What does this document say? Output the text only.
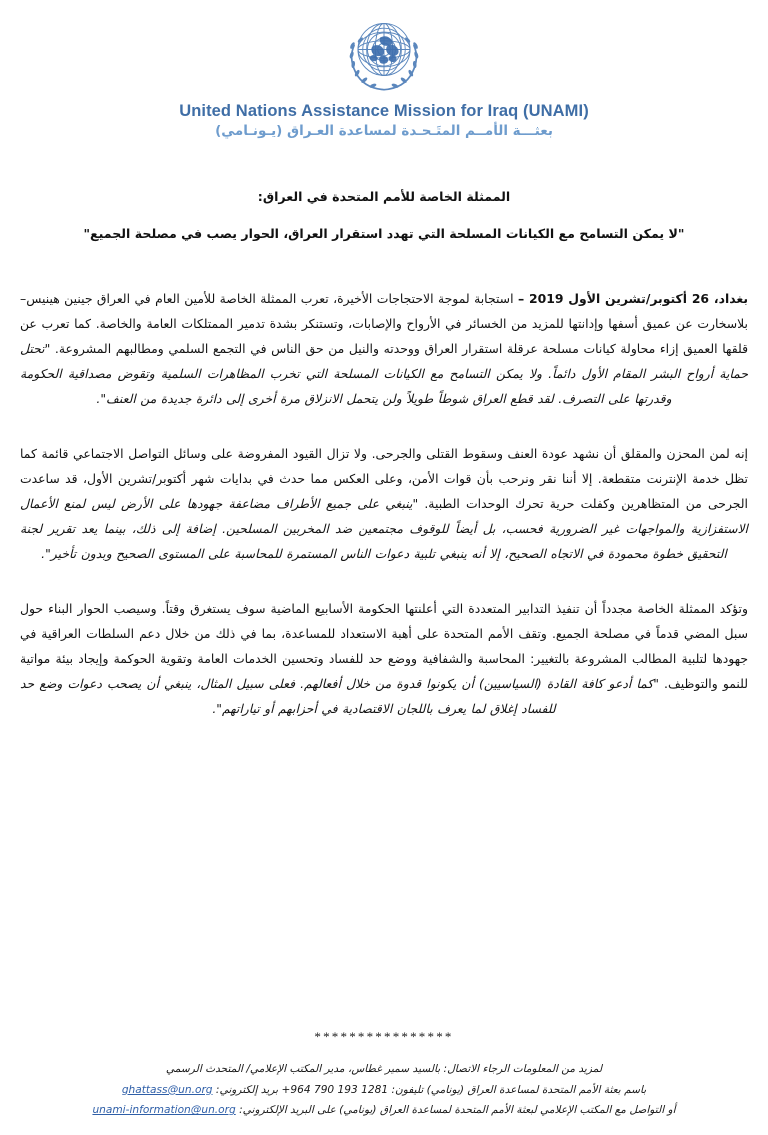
United Nations Assistance Mission for Iraq (UNAMI)
بعثـــة الأمــم المتَـحـدة لمساعدة العـراق (يـونـامي)
الممثلة الخاصة للأمم المتحدة في العراق:
"لا يمكن التسامح مع الكيانات المسلحة التي تهدد استقرار العراق، الحوار يصب في مصلحة الجميع"

بغداد، 26 أكتوبر/تشرين الأول 2019 – استجابة لموجة الاحتجاجات الأخيرة، تعرب الممثلة الخاصة للأمين العام في العراق جينين هينيس–بلاسخارت عن عميق أسفها وإدانتها للمزيد من الخسائر في الأرواح والإصابات، وتستنكر بشدة تدمير الممتلكات العامة والخاصة. كما تعرب عن قلقها العميق إزاء محاولة كيانات مسلحة عرقلة استقرار العراق ووحدته والنيل من حق الناس في التجمع السلمي ومطالبهم المشروعة. "تحتل حماية أرواح البشر المقام الأول دائماً. ولا يمكن التسامح مع الكيانات المسلحة التي تخرب المظاهرات السلمية وتقوض مصداقية الحكومة وقدرتها على التصرف. لقد قطع العراق شوطاً طويلاً ولن يتحمل الانزلاق مرة أخرى إلى دائرة جديدة من العنف".

إنه لمن المحزن والمقلق أن نشهد عودة العنف وسقوط القتلى والجرحى. ولا تزال القيود المفروضة على وسائل التواصل الاجتماعي قائمة كما تظل خدمة الإنترنت متقطعة. إلا أننا نقر ونرحب بأن قوات الأمن، وعلى العكس مما حدث في بدايات شهر أكتوبر/تشرين الأول، قد ساعدت الجرحى من المتظاهرين وكفلت حرية تحرك الوحدات الطبية. "ينبغي على جميع الأطراف مضاعفة جهودها على الأرض ليس لمنع الأعمال الاستفزازية والمواجهات غير الضرورية فحسب، بل أيضاً للوقوف مجتمعين ضد المخربين المسلحين. إضافة إلى ذلك، بينما يعد تقرير لجنة التحقيق خطوة محمودة في الاتجاه الصحيح، إلا أنه ينبغي تلبية دعوات الناس المستمرة للمحاسبة على المستوى الصحيح وبدون تأخير".

وتؤكد الممثلة الخاصة مجدداً أن تنفيذ التدابير المتعددة التي أعلنتها الحكومة الأسابيع الماضية سوف يستغرق وقتاً. وسيصب الحوار البناء حول سبل المضي قدماً في مصلحة الجميع. وتقف الأمم المتحدة على أهبة الاستعداد للمساعدة، بما في ذلك من خلال دعم السلطات العراقية في جهودها لتلبية المطالب المشروعة بالتغيير: المحاسبة والشفافية ووضع حد للفساد وتحسين الخدمات العامة وتقوية الحوكمة وإيجاد بيئة مواتية للنمو والتوظيف. "كما أدعو كافة القادة (السياسيين) أن يكونوا قدوة من خلال أفعالهم. فعلى سبيل المثال، ينبغي أن يصحب دعوات وضع حد للفساد إغلاق لما يعرف باللجان الاقتصادية في أحزابهم أو تياراتهم".

****************
لمزيد من المعلومات الرجاء الاتصال: بالسيد سمير غطاس، مدير المكتب الإعلامي/ المتحدث الرسمي
باسم بعثة الأمم المتحدة لمساعدة العراق (يونامي) تليفون: +964 790 193 1281 بريد إلكتروني: ghattass@un.org
أو التواصل مع المكتب الإعلامي لبعثة الأمم المتحدة لمساعدة العراق (يونامي) على البريد الإلكتروني: unami-information@un.org
